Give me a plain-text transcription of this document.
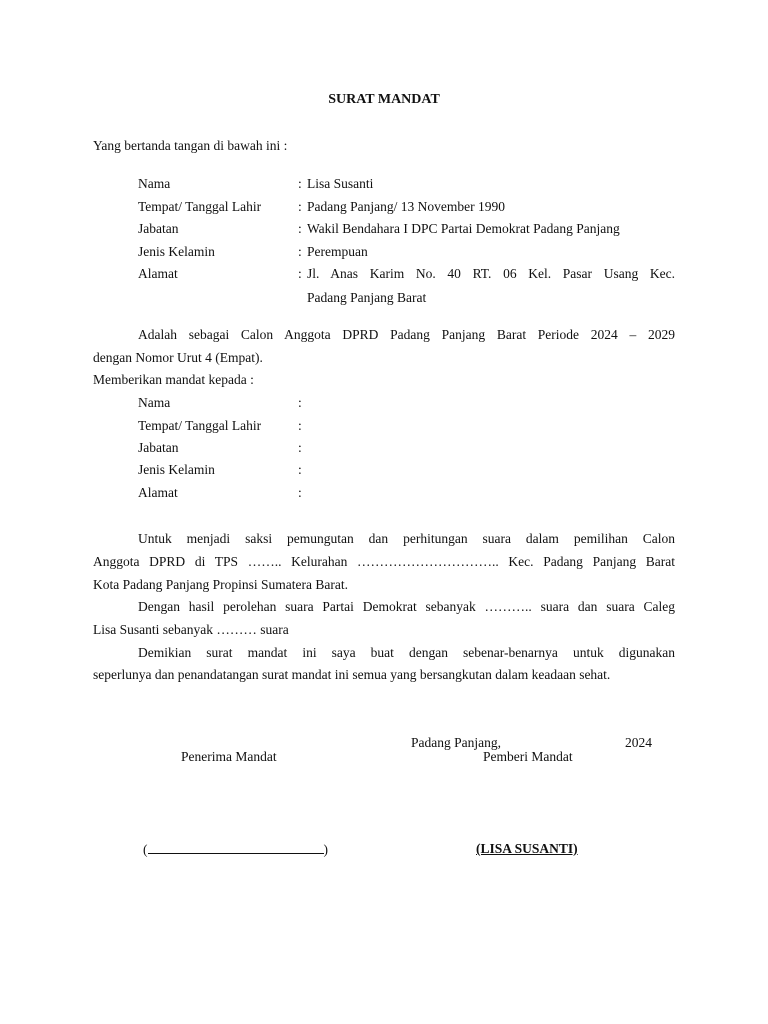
SURAT MANDAT
Yang bertanda tangan di bawah ini :
Nama	: Lisa Susanti
Tempat/ Tanggal Lahir	: Padang Panjang/ 13 November 1990
Jabatan	: Wakil Bendahara I DPC Partai Demokrat Padang Panjang
Jenis Kelamin	: Perempuan
Alamat	: Jl. Anas Karim No. 40 RT. 06 Kel. Pasar Usang Kec.
Padang Panjang Barat
Adalah sebagai Calon Anggota DPRD Padang Panjang Barat Periode 2024 – 2029
dengan Nomor Urut 4 (Empat).
Memberikan mandat kepada :
Nama	:
Tempat/ Tanggal Lahir	:
Jabatan	:
Jenis Kelamin	:
Alamat	:
Untuk menjadi saksi pemungutan dan perhitungan suara dalam pemilihan Calon
Anggota DPRD di TPS …….. Kelurahan ………………………….. Kec. Padang Panjang Barat
Kota Padang Panjang Propinsi Sumatera Barat.
Dengan hasil perolehan suara Partai Demokrat sebanyak ……….. suara dan suara Caleg
Lisa Susanti sebanyak ……… suara
Demikian surat mandat ini saya buat dengan sebenar-benarnya untuk digunakan
seperlunya dan penandatangan surat mandat ini semua yang bersangkutan dalam keadaan sehat.
Padang Panjang,	2024
Penerima Mandat	Pemberi Mandat
(	)	(LISA SUSANTI)
